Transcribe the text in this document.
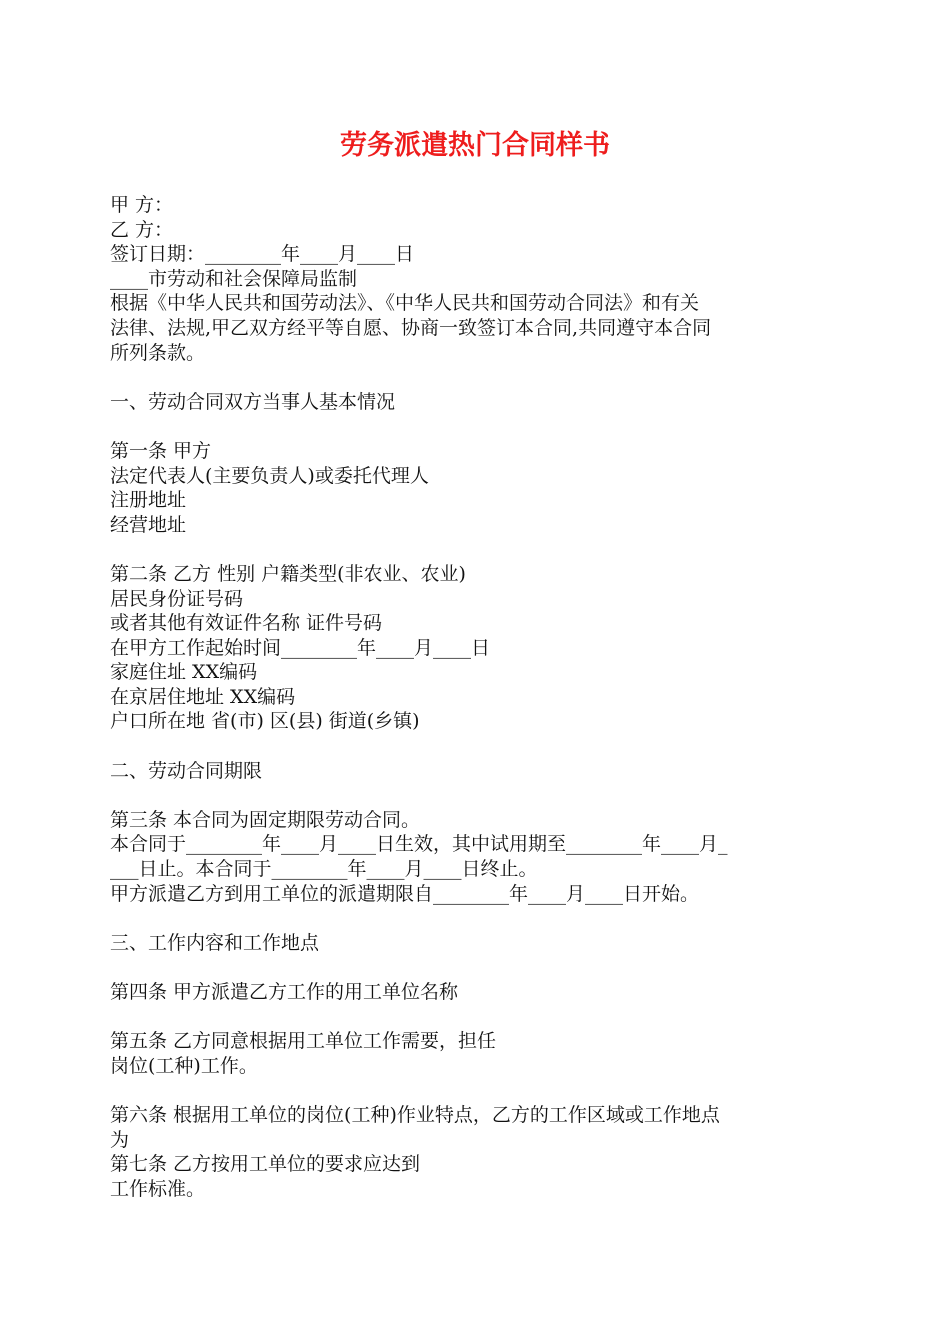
劳务派遣热门合同样书
甲 方：
乙 方：
签订日期：________年____月____日
____市劳动和社会保障局监制
根据《中华人民共和国劳动法》、《中华人民共和国劳动合同法》和有关
法律、法规,甲乙双方经平等自愿、协商一致签订本合同,共同遵守本合同
所列条款。
一、劳动合同双方当事人基本情况
第一条 甲方
法定代表人(主要负责人)或委托代理人
注册地址
经营地址
第二条 乙方 性别 户籍类型(非农业、农业)
居民身份证号码
或者其他有效证件名称 证件号码
在甲方工作起始时间________年____月____日
家庭住址 XX编码
在京居住地址 XX编码
户口所在地 省(市) 区(县) 街道(乡镇)
二、劳动合同期限
第三条 本合同为固定期限劳动合同。
本合同于________年____月____日生效，其中试用期至________年____月_
___日止。本合同于________年____月____日终止。
甲方派遣乙方到用工单位的派遣期限自________年____月____日开始。
三、工作内容和工作地点
第四条 甲方派遣乙方工作的用工单位名称
第五条 乙方同意根据用工单位工作需要，担任
岗位(工种)工作。
第六条 根据用工单位的岗位(工种)作业特点，乙方的工作区域或工作地点
为
第七条 乙方按用工单位的要求应达到
工作标准。
